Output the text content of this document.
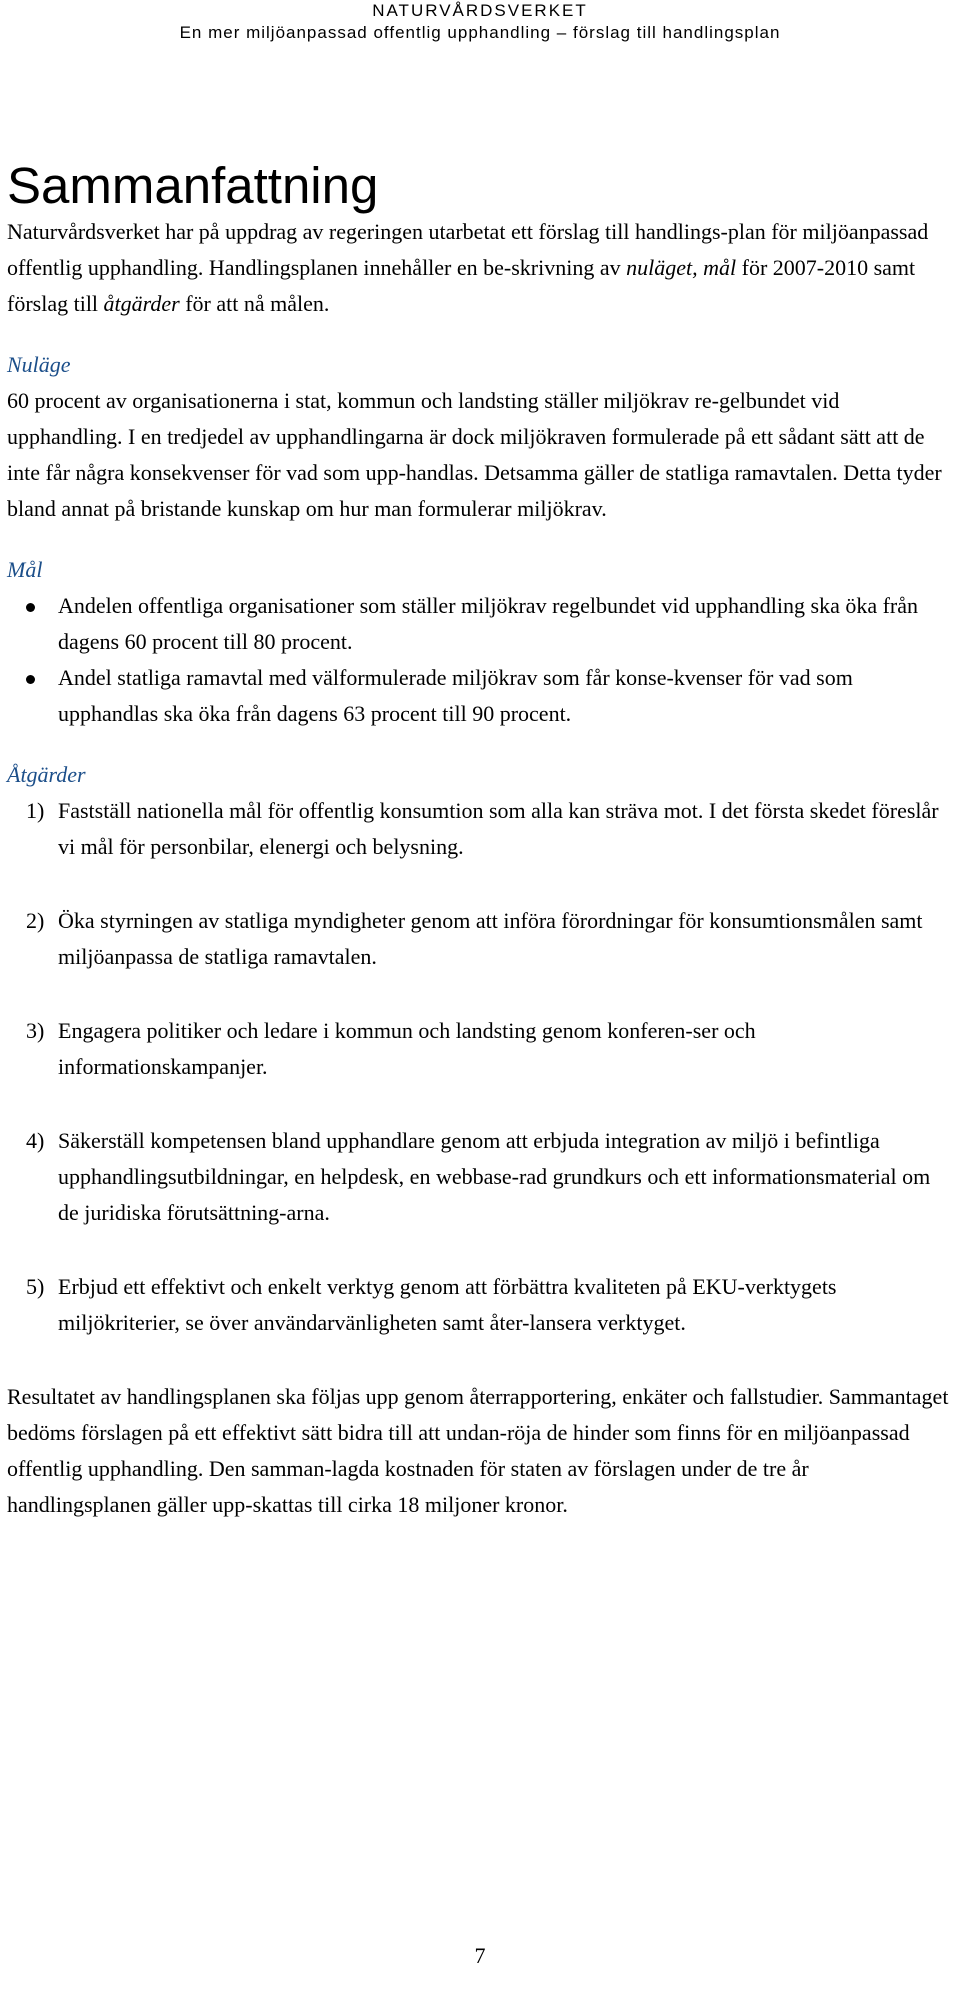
NATURVÅRDSVERKET
En mer miljöanpassad offentlig upphandling – förslag till handlingsplan
Sammanfattning

Naturvårdsverket har på uppdrag av regeringen utarbetat ett förslag till handlings-plan för miljöanpassad offentlig upphandling. Handlingsplanen innehåller en be-skrivning av nuläget, mål för 2007-2010 samt förslag till åtgärder för att nå målen.

Nuläge

60 procent av organisationerna i stat, kommun och landsting ställer miljökrav re-gelbundet vid upphandling. I en tredjedel av upphandlingarna är dock miljökraven formulerade på ett sådant sätt att de inte får några konsekvenser för vad som upp-handlas. Detsamma gäller de statliga ramavtalen. Detta tyder bland annat på bristande kunskap om hur man formulerar miljökrav.

Mål

Andelen offentliga organisationer som ställer miljökrav regelbundet vid upphandling ska öka från dagens 60 procent till 80 procent.
Andel statliga ramavtal med välformulerade miljökrav som får konse-kvenser för vad som upphandlas ska öka från dagens 63 procent till 90 procent.

Åtgärder

1) Fastställ nationella mål för offentlig konsumtion som alla kan sträva mot. I det första skedet föreslår vi mål för personbilar, elenergi och belysning.
2) Öka styrningen av statliga myndigheter genom att införa förordningar för konsumtionsmålen samt miljöanpassa de statliga ramavtalen.
3) Engagera politiker och ledare i kommun och landsting genom konferen-ser och informationskampanjer.
4) Säkerställ kompetensen bland upphandlare genom att erbjuda integration av miljö i befintliga upphandlingsutbildningar, en helpdesk, en webbase-rad grundkurs och ett informationsmaterial om de juridiska förutsättning-arna.
5) Erbjud ett effektivt och enkelt verktyg genom att förbättra kvaliteten på EKU-verktygets miljökriterier, se över användarvänligheten samt åter-lansera verktyget.

Resultatet av handlingsplanen ska följas upp genom återrapportering, enkäter och fallstudier. Sammantaget bedöms förslagen på ett effektivt sätt bidra till att undan-röja de hinder som finns för en miljöanpassad offentlig upphandling. Den samman-lagda kostnaden för staten av förslagen under de tre år handlingsplanen gäller upp-skattas till cirka 18 miljoner kronor.

7
